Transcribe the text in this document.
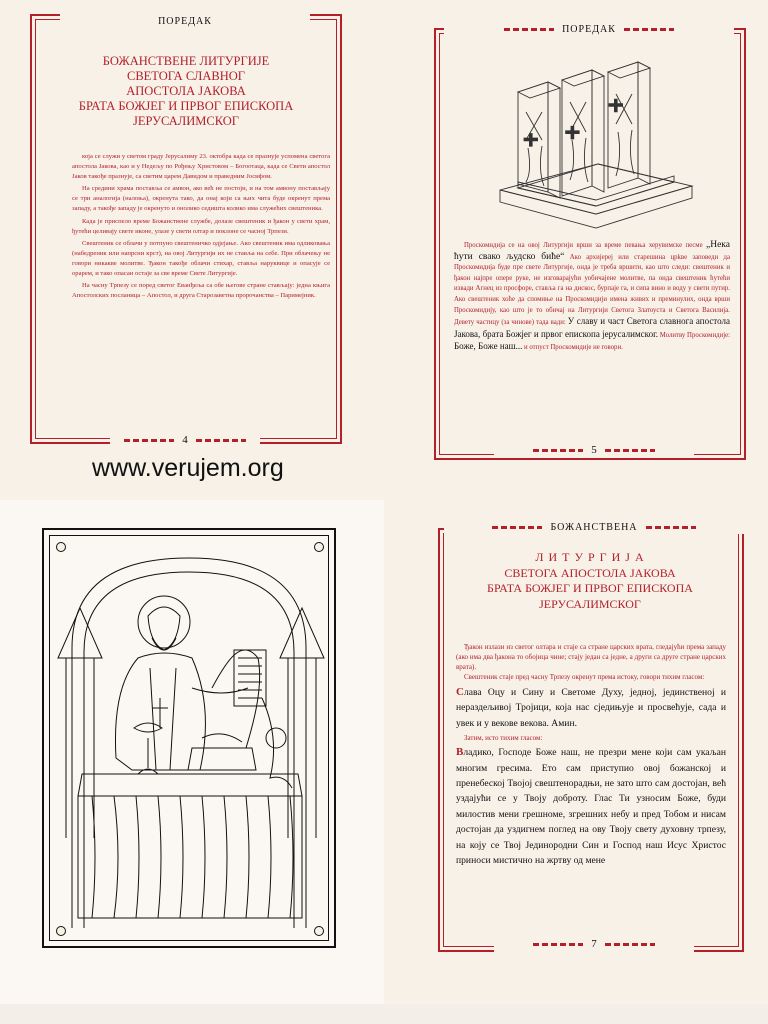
ПОРЕДАК
БОЖАНСТВЕНЕ ЛИТУРГИЈЕ
СВЕТОГА СЛАВНОГ
АПОСТОЛА ЈАКОВА
БРАТА БОЖЈЕГ И ПРВОГ ЕПИСКОПА
ЈЕРУСАЛИМСКОГ

која се служи у светом граду Јерусалиму 23. октобра када се празнује успомена светога апостола Јакова, као и у Недељу по Рођењу Христовом – Богоотаца, када се Свети апостол Јаков такође празнује, са светим царем Давидом и праведним Јосифом.

На средини храма поставља се амвон, ако већ не постоји, и на том амвону постављају се три аналогија (налоња), окренута тако, да онај који са њих чита буде окренут према западу, а такође западу је окренуто и онолико седишта колико има служећих свештеника.

Када је приспело време Божанствене службе, долазе свештеник и ђакон у свети храм, ђутећи целивају свете иконе, улазе у свети олтар и поклоне се часној Трпези.

Свештеник се облачи у потпуно свештеничко одјејање. Ако свештеник има одликовања (набедреник или напрсни крст), на овој Литургији их не ставља на себе. При облачењу не говори никакве молитве. Ђакон такође облачи стихар, ставља наруквице и опасује се орарем, и тако опасан остаје за све време Свете Литургије.

На часну Трпезу се поред светог Еванђеља са обе његове стране стављају: једна књига Апостолских посланица – Апостол, и друга Старозаветна пророчанства – Паримејник.

4
www.verujem.org
ПОРЕДАК

Проскомидија се на овој Литургији врши за време певања херувимске песме „Нека ћути свако људско биће“ Ако архијереј или старешина црkве заповеди да Проскомидија буде пре свете Литургије, онда је треба вршити, као што следи: свештеник и ђакон најпре опере руке, не изговарајући уобичајене молитве, па онда свештеник ћутећи извади Агнец из просфоре, ставља га на дискос, бурпаје га, и сипа вино и воду у свети путир. Ако свештеник хоће да спомиње на Проскомидији имена живих и преминулих, онда врши Проскомидију, као што је то обичај на Литургији Светога Златоуста и Светога Василија. Девету частицу (за чинове) тада вади: У славу и част Светога славнога апостола Јакова, брата Божјег и првог епископа јерусалимског. Молитву Проскомидије: Боже, Боже наш... и отпуст Проскомидије не говори.

5
БОЖАНСТВЕНА
Л И Т У Р Г И Ј А
СВЕТОГА АПОСТОЛА ЈАКОВА
БРАТА БОЖЈЕГ И ПРВОГ ЕПИСКОПА
ЈЕРУСАЛИМСКОГ
Ђакон излази из светог олтара и стаје са стране царских врата, гледајући према западу (ако има два ђакона то обојица чине; стају један са једне, а други са друге стране царских врата).
Свештеник стаје пред часну Трпезу окренут према истоку, говори тихим гласом:

Слава Оцу и Сину и Светоме Духу, једној, јединственој и нераздељивој Тројици, која нас сједињује и просвећује, сада и увек и у векове векова. Амин.

Затим, исто тихим гласом:

Владико, Господе Боже наш, не презри мене који сам укаљан многим гресима. Ето сам приступио овој божанској и пренебеској Твојој свештенорадњи, не зато што сам достојан, већ уздајући се у Твоју доброту. Глас Ти узносим Боже, буди милостив мени грешноме, згрешних небу и пред Тобом и нисам достојан да уздигнем поглед на ову Твоју свету духовну трпезу, на коју се Твој Јединородни Син и Господ наш Исус Христос приноси мистично на жртву од мене

7
